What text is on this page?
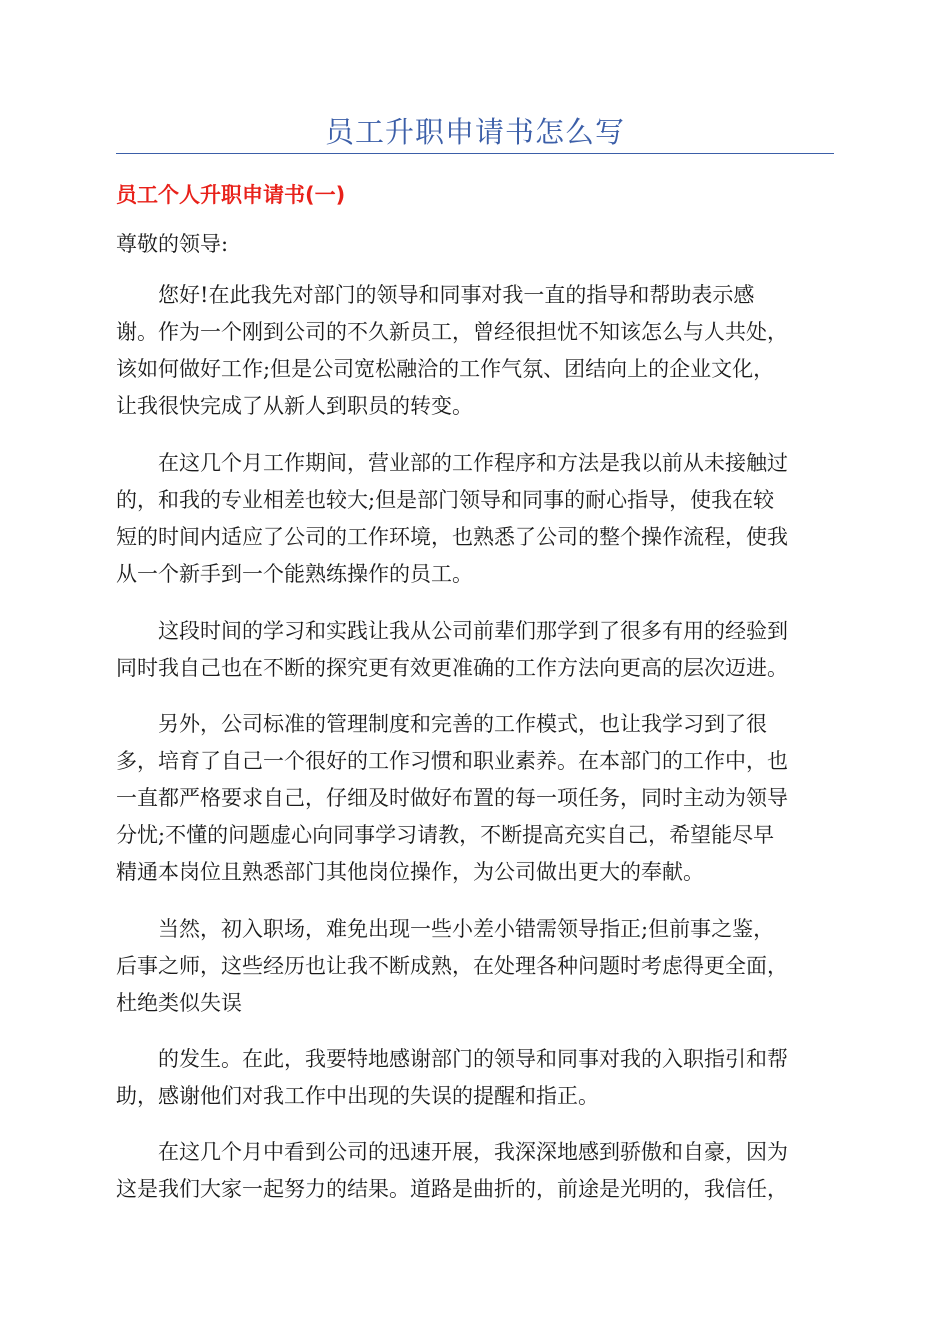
员工升职申请书怎么写
员工个人升职申请书(一)

尊敬的领导:

　　您好!在此我先对部门的领导和同事对我一直的指导和帮助表示感
谢。作为一个刚到公司的不久新员工，曾经很担忧不知该怎么与人共处，
该如何做好工作;但是公司宽松融洽的工作气氛、团结向上的企业文化，
让我很快完成了从新人到职员的转变。

　　在这几个月工作期间，营业部的工作程序和方法是我以前从未接触过
的，和我的专业相差也较大;但是部门领导和同事的耐心指导，使我在较
短的时间内适应了公司的工作环境，也熟悉了公司的整个操作流程，使我
从一个新手到一个能熟练操作的员工。

　　这段时间的学习和实践让我从公司前辈们那学到了很多有用的经验到
同时我自己也在不断的探究更有效更准确的工作方法向更高的层次迈进。

　　另外，公司标准的管理制度和完善的工作模式，也让我学习到了很
多，培育了自己一个很好的工作习惯和职业素养。在本部门的工作中，也
一直都严格要求自己，仔细及时做好布置的每一项任务，同时主动为领导
分忧;不懂的问题虚心向同事学习请教，不断提高充实自己，希望能尽早
精通本岗位且熟悉部门其他岗位操作，为公司做出更大的奉献。

　　当然，初入职场，难免出现一些小差小错需领导指正;但前事之鉴，
后事之师，这些经历也让我不断成熟，在处理各种问题时考虑得更全面，
杜绝类似失误

　　的发生。在此，我要特地感谢部门的领导和同事对我的入职指引和帮
助，感谢他们对我工作中出现的失误的提醒和指正。

　　在这几个月中看到公司的迅速开展，我深深地感到骄傲和自豪，因为
这是我们大家一起努力的结果。道路是曲折的，前途是光明的，我信任，
